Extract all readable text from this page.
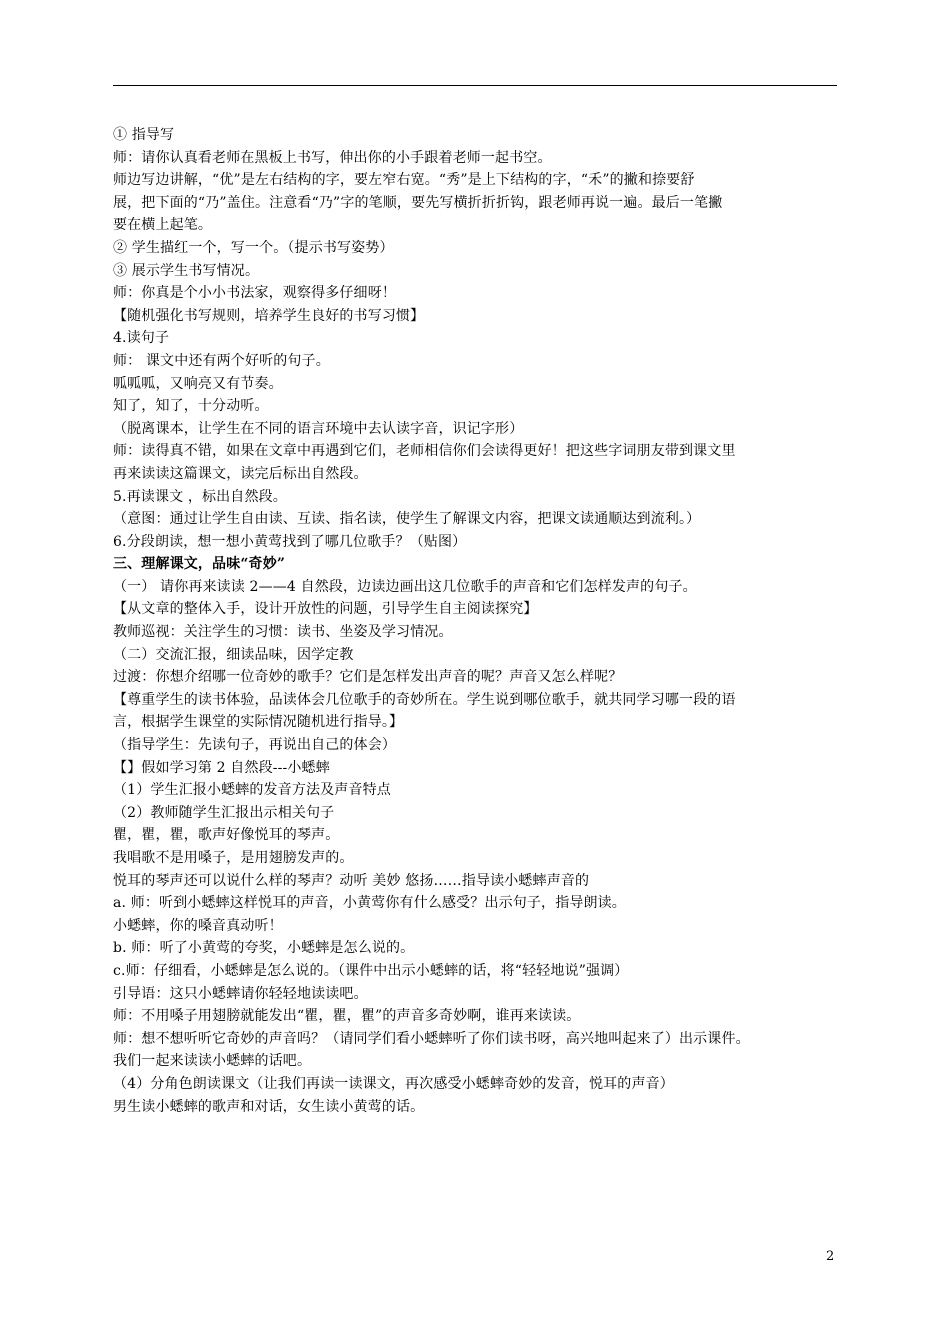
① 指导写
师：请你认真看老师在黑板上书写，伸出你的小手跟着老师一起书空。
师边写边讲解，“优”是左右结构的字，要左窄右宽。“秀”是上下结构的字，“禾”的撇和捺要舒
展，把下面的“乃”盖住。注意看“乃”字的笔顺，要先写横折折折钩，跟老师再说一遍。最后一笔撇
要在横上起笔。
② 学生描红一个，写一个。（提示书写姿势）
③ 展示学生书写情况。
师：你真是个小小书法家，观察得多仔细呀！
【随机强化书写规则，培养学生良好的书写习惯】
4.读句子
师： 课文中还有两个好听的句子。
呱呱呱，又响亮又有节奏。
知了，知了，十分动听。
（脱离课本，让学生在不同的语言环境中去认读字音，识记字形）
师：读得真不错，如果在文章中再遇到它们，老师相信你们会读得更好！把这些字词朋友带到课文里
再来读读这篇课文，读完后标出自然段。
5.再读课文 ，标出自然段。
（意图：通过让学生自由读、互读、指名读，使学生了解课文内容，把课文读通顺达到流利。）
6.分段朗读，想一想小黄莺找到了哪几位歌手？（贴图）
三、理解课文，品味“奇妙”
（一） 请你再来读读 2——4 自然段，边读边画出这几位歌手的声音和它们怎样发声的句子。
【从文章的整体入手，设计开放性的问题，引导学生自主阅读探究】
教师巡视：关注学生的习惯：读书、坐姿及学习情况。
（二）交流汇报，细读品味，因学定教
过渡：你想介绍哪一位奇妙的歌手？它们是怎样发出声音的呢？声音又怎么样呢？
【尊重学生的读书体验，品读体会几位歌手的奇妙所在。学生说到哪位歌手，就共同学习哪一段的语
言，根据学生课堂的实际情况随机进行指导。】
（指导学生：先读句子，再说出自己的体会）
【】假如学习第 2 自然段---小蟋蟀
（1）学生汇报小蟋蟀的发音方法及声音特点
（2）教师随学生汇报出示相关句子
瞿，瞿，瞿，歌声好像悦耳的琴声。
我唱歌不是用嗓子，是用翅膀发声的。
悦耳的琴声还可以说什么样的琴声？动听 美妙 悠扬……指导读小蟋蟀声音的
a. 师：听到小蟋蟀这样悦耳的声音，小黄莺你有什么感受？出示句子，指导朗读。
小蟋蟀，你的嗓音真动听！
b. 师：听了小黄莺的夸奖，小蟋蟀是怎么说的。
c.师：仔细看，小蟋蟀是怎么说的。（课件中出示小蟋蟀的话，将“轻轻地说”强调）
引导语：这只小蟋蟀请你轻轻地读读吧。
师：不用嗓子用翅膀就能发出“瞿，瞿，瞿”的声音多奇妙啊，谁再来读读。
师：想不想听听它奇妙的声音吗？（请同学们看小蟋蟀听了你们读书呀，高兴地叫起来了）出示课件。
我们一起来读读小蟋蟀的话吧。
（4）分角色朗读课文（让我们再读一读课文，再次感受小蟋蟀奇妙的发音，悦耳的声音）
男生读小蟋蟀的歌声和对话，女生读小黄莺的话。
2
